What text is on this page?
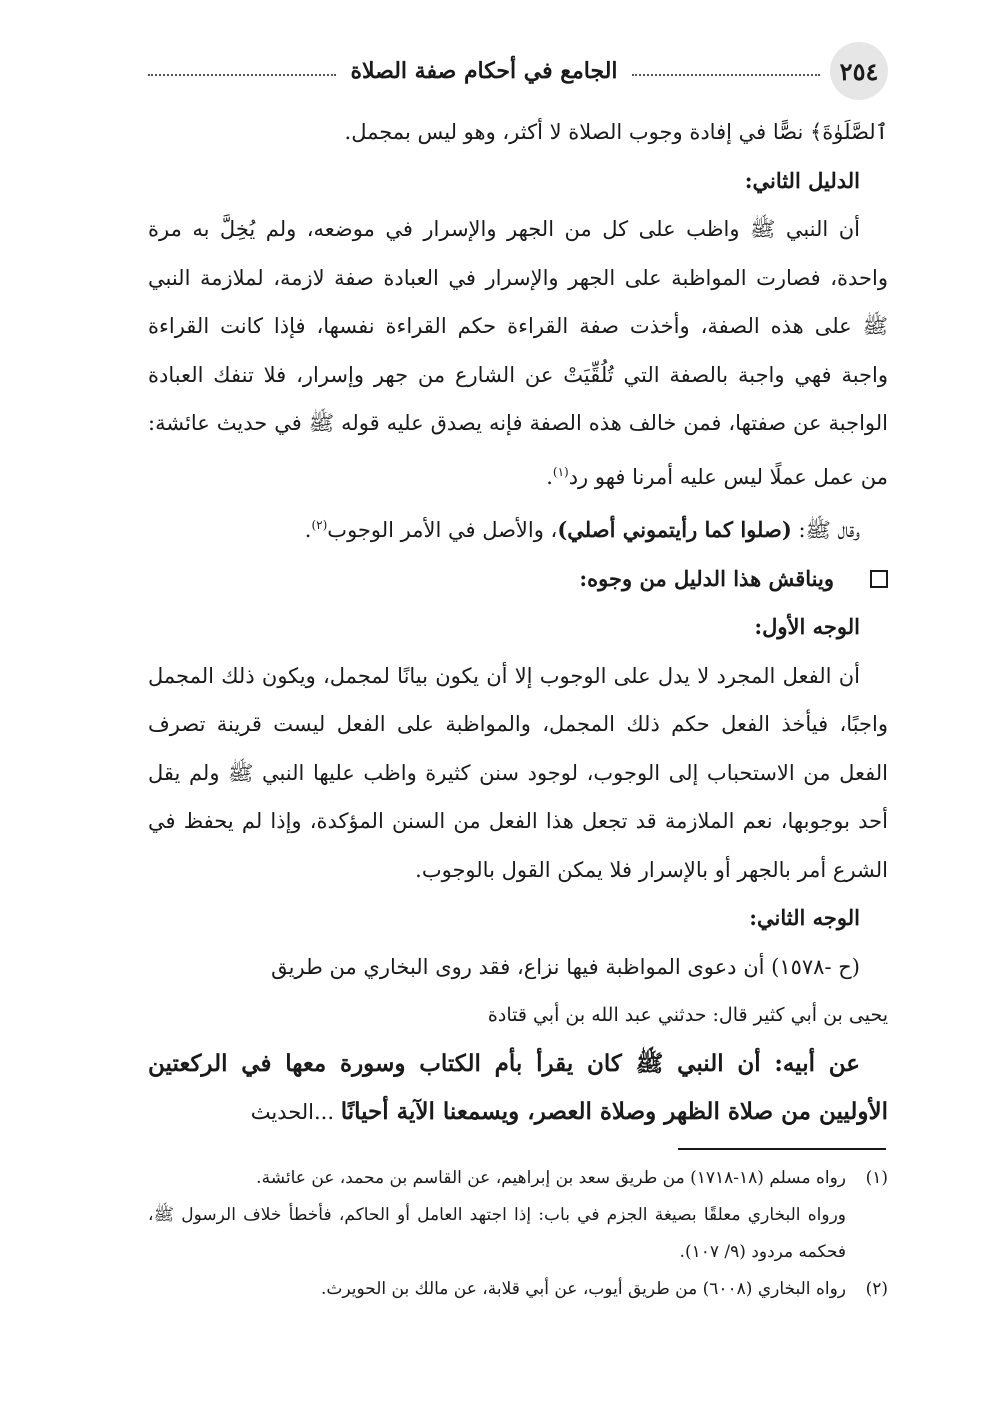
٢٥٤
الجامع في أحكام صفة الصلاة

ٱلصَّلَوٰةَ﴾ نصًّا في إفادة وجوب الصلاة لا أكثر، وهو ليس بمجمل.

الدليل الثاني:

أن النبي ﷺ واظب على كل من الجهر والإسرار في موضعه، ولم يُخِلَّ به مرة واحدة، فصارت المواظبة على الجهر والإسرار في العبادة صفة لازمة، لملازمة النبي ﷺ على هذه الصفة، وأخذت صفة القراءة حكم القراءة نفسها، فإذا كانت القراءة واجبة فهي واجبة بالصفة التي تُلُقِّيَتْ عن الشارع من جهر وإسرار، فلا تنفك العبادة الواجبة عن صفتها، فمن خالف هذه الصفة فإنه يصدق عليه قوله ﷺ في حديث عائشة: من عمل عملًا ليس عليه أمرنا فهو رد$^{(١)}$.

وقال ﷺ: (صلوا كما رأيتموني أصلي)، والأصل في الأمر الوجوب$^{(٢)}$.

ويناقش هذا الدليل من وجوه:

الوجه الأول:

أن الفعل المجرد لا يدل على الوجوب إلا أن يكون بيانًا لمجمل، ويكون ذلك المجمل واجبًا، فيأخذ الفعل حكم ذلك المجمل، والمواظبة على الفعل ليست قرينة تصرف الفعل من الاستحباب إلى الوجوب، لوجود سنن كثيرة واظب عليها النبي ﷺ ولم يقل أحد بوجوبها، نعم الملازمة قد تجعل هذا الفعل من السنن المؤكدة، وإذا لم يحفظ في الشرع أمر بالجهر أو بالإسرار فلا يمكن القول بالوجوب.

الوجه الثاني:

(ح -١٥٧٨) أن دعوى المواظبة فيها نزاع، فقد روى البخاري من طريق

يحيى بن أبي كثير قال: حدثني عبد الله بن أبي قتادة

عن أبيه: أن النبي ﷺ كان يقرأ بأم الكتاب وسورة معها في الركعتين الأوليين من صلاة الظهر وصلاة العصر، ويسمعنا الآية أحيانًا ...الحديث

(١)رواه مسلم (١٨-١٧١٨) من طريق سعد بن إبراهيم، عن القاسم بن محمد، عن عائشة.

ورواه البخاري معلقًا بصيغة الجزم في باب: إذا اجتهد العامل أو الحاكم، فأخطأ خلاف الرسول ﷺ، فحكمه مردود (٩/ ١٠٧).

(٢)رواه البخاري (٦٠٠٨) من طريق أيوب، عن أبي قلابة، عن مالك بن الحويرث.
